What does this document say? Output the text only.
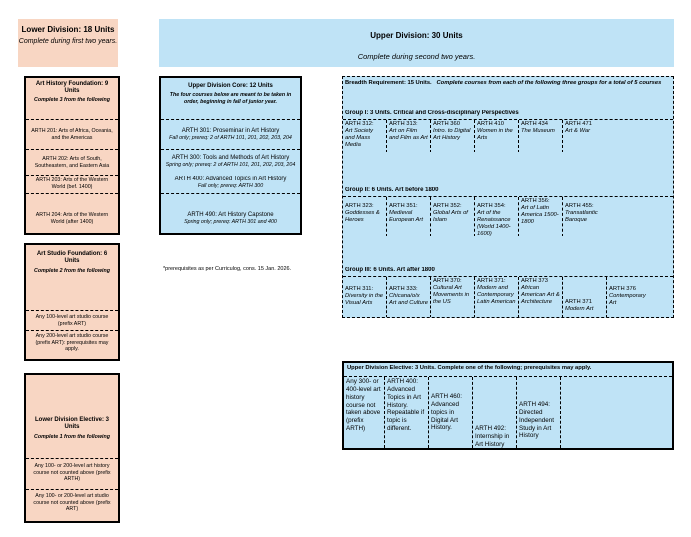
Lower Division: 18 Units
Complete during first two years.
Upper Division: 30 Units
Complete during second two years.
Art History Foundation: 9 Units
Complete 3 from the following
ARTH 201: Arts of Africa, Oceania, and the Americas
ARTH 202: Arts of South, Southeastern, and Eastern Asia
ARTH 203: Arts of the Western World (bef. 1400)
ARTH 204: Arts of the Western World (after 1400)
Art Studio Foundation: 6 Units
Complete 2 from the following
Any 100-level art studio course (prefix ART)
Any 200-level art studio course (prefix ART): prerequisites may apply.
Lower Division Elective: 3 Units
Complete 1 from the following
Any 100- or 200-level art history course not counted above (prefix ARTH)
Any 100- or 200-level art studio course not counted above (prefix ART)
Upper Division Core: 12 Units
The four courses below are meant to be taken in order, beginning in fall of junior year.
ARTH 301: Proseminar in Art History
Fall only; prereq: 2 of ARTH 101, 201, 202, 203, 204
ARTH 300: Tools and Methods of Art History
Spring only; prereq: 2 of ARTH 101, 201, 202, 203, 204
ARTH 400: Advanced Topics in Art History
Fall only; prereq: ARTH 300
ARTH 490: Art History Capstone
Spring only; prereq: ARTH 301 and 400
*prerequisites as per Curriculog, cons. 15 Jan. 2026.
Breadth Requirement: 15 Units. Complete courses from each of the following three groups for a total of 5 courses
Group I: 3 Units. Critical and Cross-disciplinary Perspectives
ARTH 312:
Art Society and Mass Media
ARTH 313:
Art on Film and Film as Art
ARTH 360
Intro. to Digital Art History
ARTH 410
Women in the Arts
ARTH 434
The Museum
ARTH 471
Art & War
Group II: 6 Units. Art before 1800
ARTH 323:
Goddesses & Heroes
ARTH 351:
Medieval European Art
ARTH 352:
Global Arts of Islam
ARTH 354:
Art of the Renaissance (World 1400-1600)
ARTH 356:
Art of Latin America 1500-1800
ARTH 455:
Transatlantic Baroque
Group III: 6 Units. Art after 1800
ARTH 311:
Diversity in the Visual Arts
ARTH 333:
Chicana/o/x Art and Culture
ARTH 370:
Cultural Art Movements in the US
ARTH 371:
Modern and Contemporary Latin American
ARTH 373
African American Art & Architecture	ARTH 371 Modern Art
ARTH 376
Contemporary Art
Upper Division Elective: 3 Units. Complete one of the following; prerequisites may apply.
Any 300- or 400-level art history course not taken above (prefix ARTH)
ARTH 400: Advanced Topics in Art History. Repeatable if topic is different.
ARTH 460: Advanced topics in Digital Art History.	ARTH 492: Internship in Art History
ARTH 494: Directed Independent Study in Art History
